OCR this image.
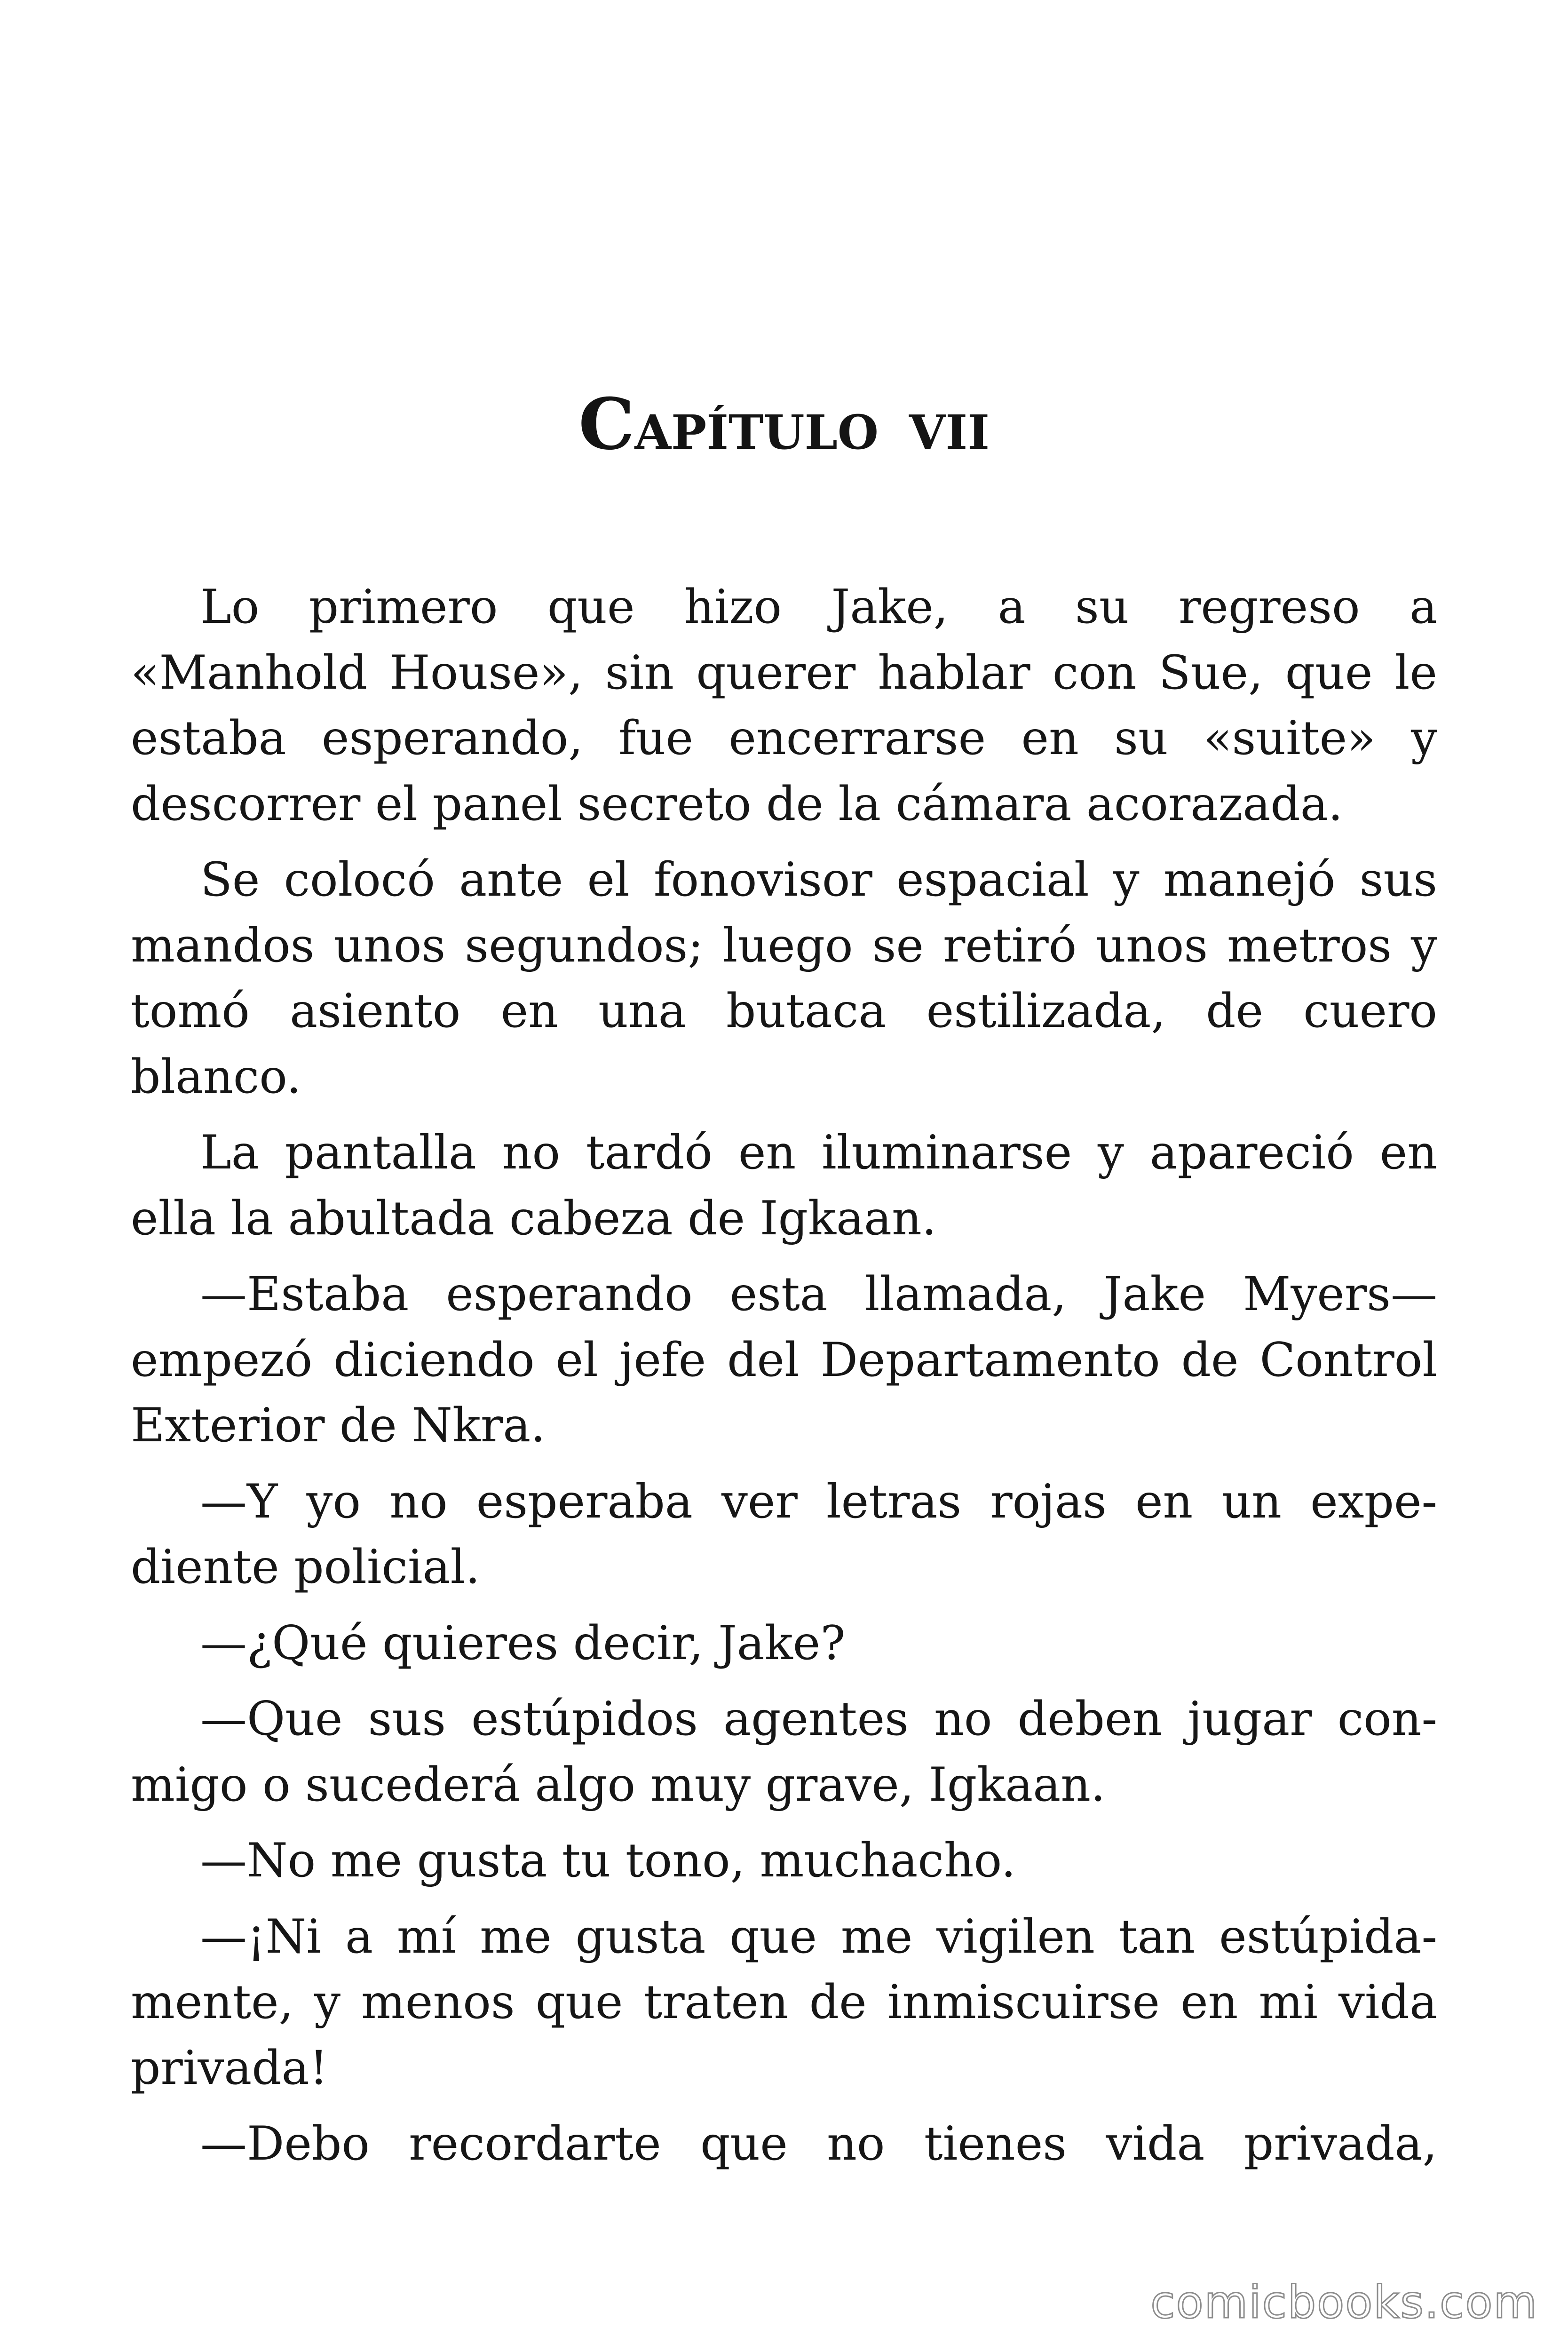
CAPÍTULO VII
Lo primero que hizo Jake, a su regreso a
«Manhold House», sin querer hablar con Sue, que le
estaba esperando, fue encerrarse en su «suite» y
descorrer el panel secreto de la cámara acorazada.
Se colocó ante el fonovisor espacial y manejó sus
mandos unos segundos; luego se retiró unos metros y
tomó asiento en una butaca estilizada, de cuero
blanco.
La pantalla no tardó en iluminarse y apareció en
ella la abultada cabeza de Igkaan.
—Estaba esperando esta llamada, Jake Myers—
empezó diciendo el jefe del Departamento de Control
Exterior de Nkra.
—Y yo no esperaba ver letras rojas en un expe-
diente policial.
—¿Qué quieres decir, Jake?
—Que sus estúpidos agentes no deben jugar con-
migo o sucederá algo muy grave, Igkaan.
—No me gusta tu tono, muchacho.
—¡Ni a mí me gusta que me vigilen tan estúpida-
mente, y menos que traten de inmiscuirse en mi vida
privada!
—Debo recordarte que no tienes vida privada,
comicbooks.com
